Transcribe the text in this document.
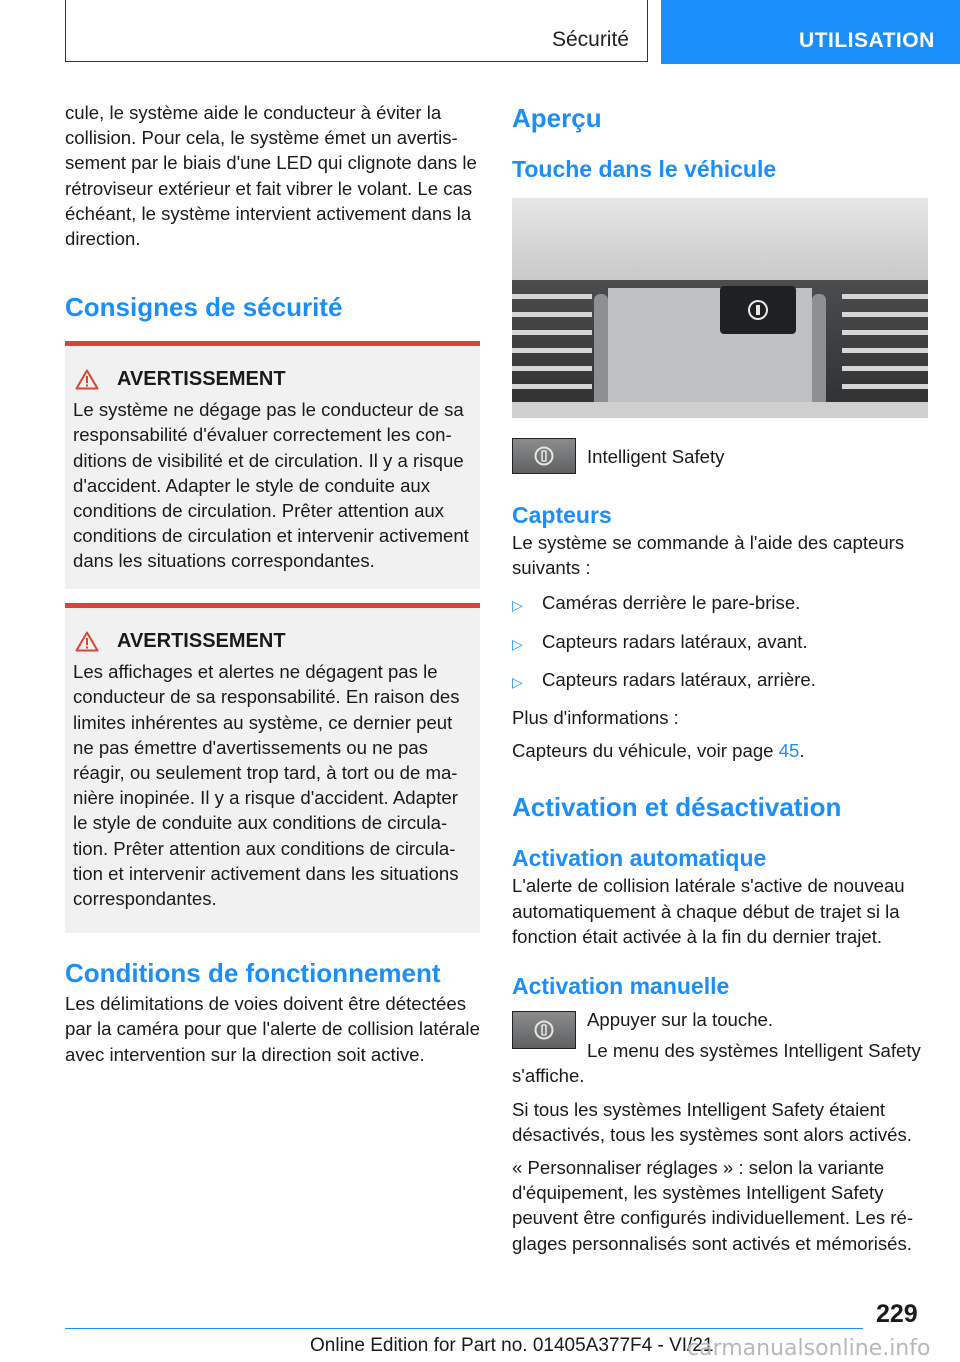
Sécurité	UTILISATION

cule, le système aide le conducteur à éviter la collision. Pour cela, le système émet un avertissement par le biais d'une LED qui clignote dans le rétroviseur extérieur et fait vibrer le volant. Le cas échéant, le système intervient activement dans la direction.

Consignes de sécurité
AVERTISSEMENT

Le système ne dégage pas le conducteur de sa responsabilité d'évaluer correctement les conditions de visibilité et de circulation. Il y a risque d'accident. Adapter le style de conduite aux conditions de circulation. Prêter attention aux conditions de circulation et intervenir activement dans les situations correspondantes.

AVERTISSEMENT

Les affichages et alertes ne dégagent pas le conducteur de sa responsabilité. En raison des limites inhérentes au système, ce dernier peut ne pas émettre d'avertissements ou ne pas réagir, ou seulement trop tard, à tort ou de manière inopinée. Il y a risque d'accident. Adapter le style de conduite aux conditions de circulation. Prêter attention aux conditions de circulation et intervenir activement dans les situations correspondantes.

Conditions de fonctionnement

Les délimitations de voies doivent être détectées par la caméra pour que l'alerte de collision latérale avec intervention sur la direction soit active.

Aperçu
Touche dans le véhicule
Intelligent Safety
Capteurs

Le système se commande à l'aide des capteurs suivants :

▷	Caméras derrière le pare-brise.
▷	Capteurs radars latéraux, avant.
▷	Capteurs radars latéraux, arrière.

Plus d'informations :

Capteurs du véhicule, voir page 45.

Activation et désactivation
Activation automatique

L'alerte de collision latérale s'active de nouveau automatiquement à chaque début de trajet si la fonction était activée à la fin du dernier trajet.

Activation manuelle

Appuyer sur la touche.

Le menu des systèmes Intelligent Safety s'affiche.

Si tous les systèmes Intelligent Safety étaient désactivés, tous les systèmes sont alors activés.

« Personnaliser réglages » : selon la variante d'équipement, les systèmes Intelligent Safety peuvent être configurés individuellement. Les réglages personnalisés sont activés et mémorisés.

229
Online Edition for Part no. 01405A377F4 - VI/21
carmanualsonline.info
